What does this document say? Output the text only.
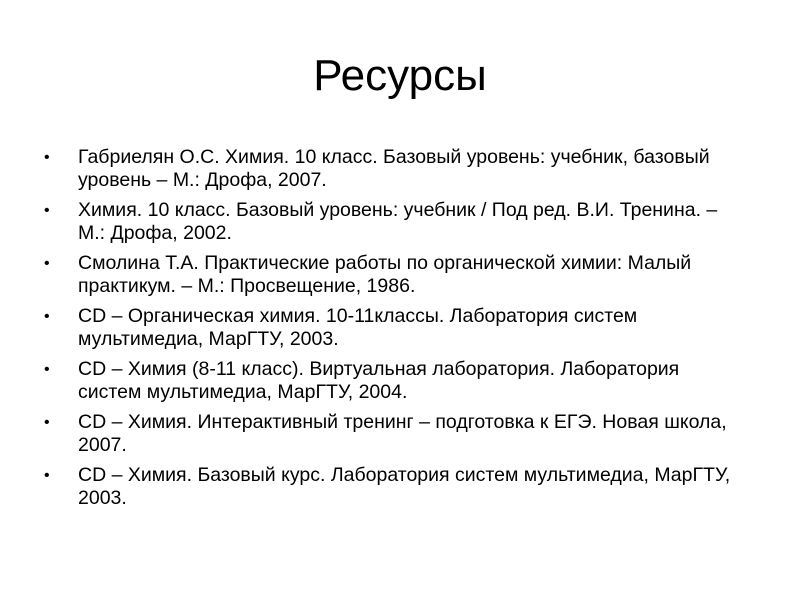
Ресурсы
• Габриелян О.С. Химия. 10 класс. Базовый уровень: учебник, базовый уровень – М.: Дрофа, 2007.
• Химия. 10 класс. Базовый уровень: учебник / Под ред. В.И. Тренина. – М.: Дрофа, 2002.
• Смолина Т.А. Практические работы по органической химии: Малый практикум. – М.: Просвещение, 1986.
• CD – Органическая химия. 10-11классы. Лаборатория систем мультимедиа, МарГТУ, 2003.
• CD – Химия (8-11 класс). Виртуальная лаборатория. Лаборатория систем мультимедиа, МарГТУ, 2004.
• CD – Химия. Интерактивный тренинг – подготовка к ЕГЭ. Новая школа, 2007.
• CD – Химия. Базовый курс. Лаборатория систем мультимедиа, МарГТУ, 2003.
